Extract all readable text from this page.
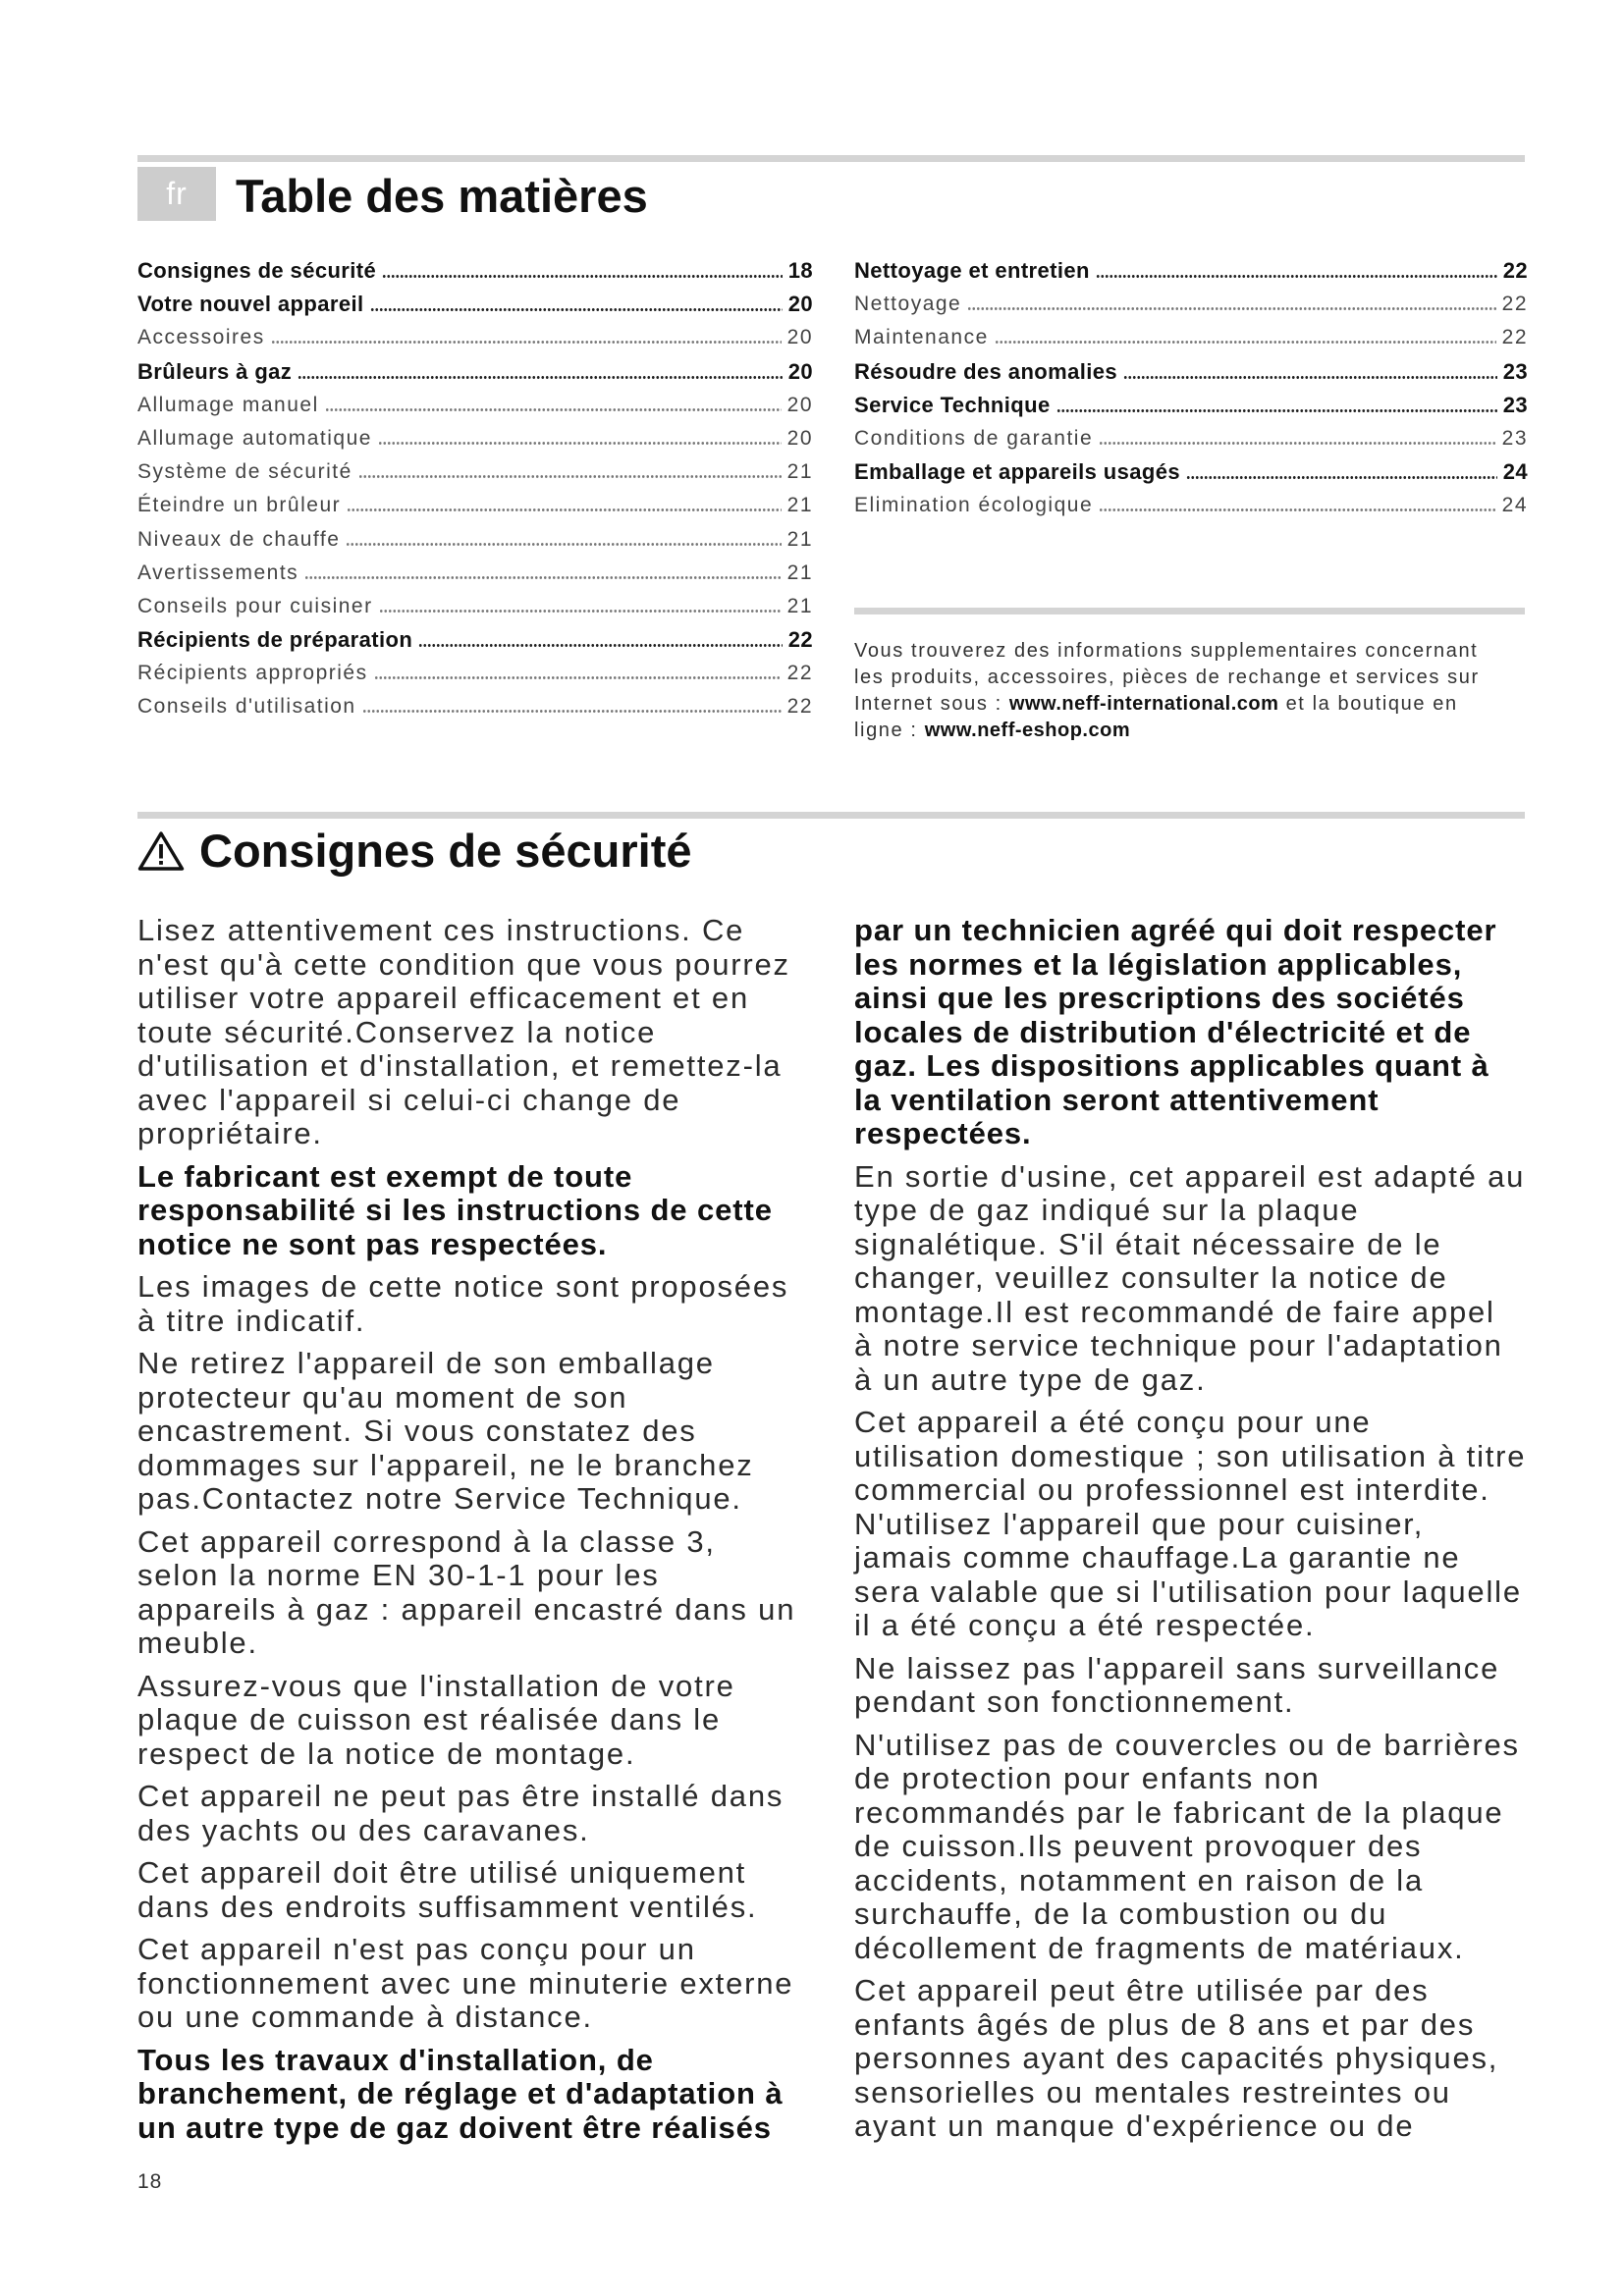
fr	Table des matières
Consignes de sécurité	18
Votre nouvel appareil	20
Accessoires	20
Brûleurs à gaz	20
Allumage manuel	20
Allumage automatique	20
Système de sécurité	21
Éteindre un brûleur	21
Niveaux de chauffe	21
Avertissements	21
Conseils pour cuisiner	21
Récipients de préparation	22
Récipients appropriés	22
Conseils d'utilisation	22
Nettoyage et entretien	22
Nettoyage	22
Maintenance	22
Résoudre des anomalies	23
Service Technique	23
Conditions de garantie	23
Emballage et appareils usagés	24
Elimination écologique	24
Vous trouverez des informations supplementaires concernant
les produits, accessoires, pièces de rechange et services sur
Internet sous : www.neff-international.com et la boutique en
ligne : www.neff-eshop.com
Consignes de sécurité

Lisez attentivement ces instructions. Ce
n'est qu'à cette condition que vous pourrez
utiliser votre appareil efficacement et en
toute sécurité.Conservez la notice
d'utilisation et d'installation, et remettez-la
avec l'appareil si celui-ci change de
propriétaire.

Le fabricant est exempt de toute
responsabilité si les instructions de cette
notice ne sont pas respectées.

Les images de cette notice sont proposées
à titre indicatif.

Ne retirez l'appareil de son emballage
protecteur qu'au moment de son
encastrement. Si vous constatez des
dommages sur l'appareil, ne le branchez
pas.Contactez notre Service Technique.

Cet appareil correspond à la classe 3,
selon la norme EN 30-1-1 pour les
appareils à gaz : appareil encastré dans un
meuble.

Assurez-vous que l'installation de votre
plaque de cuisson est réalisée dans le
respect de la notice de montage.

Cet appareil ne peut pas être installé dans
des yachts ou des caravanes.

Cet appareil doit être utilisé uniquement
dans des endroits suffisamment ventilés.

Cet appareil n'est pas conçu pour un
fonctionnement avec une minuterie externe
ou une commande à distance.

Tous les travaux d'installation, de
branchement, de réglage et d'adaptation à
un autre type de gaz doivent être réalisés

par un technicien agréé qui doit respecter
les normes et la législation applicables,
ainsi que les prescriptions des sociétés
locales de distribution d'électricité et de
gaz. Les dispositions applicables quant à
la ventilation seront attentivement
respectées.

En sortie d'usine, cet appareil est adapté au
type de gaz indiqué sur la plaque
signalétique. S'il était nécessaire de le
changer, veuillez consulter la notice de
montage.Il est recommandé de faire appel
à notre service technique pour l'adaptation
à un autre type de gaz.

Cet appareil a été conçu pour une
utilisation domestique ; son utilisation à titre
commercial ou professionnel est interdite.
N'utilisez l'appareil que pour cuisiner,
jamais comme chauffage.La garantie ne
sera valable que si l'utilisation pour laquelle
il a été conçu a été respectée.

Ne laissez pas l'appareil sans surveillance
pendant son fonctionnement.

N'utilisez pas de couvercles ou de barrières
de protection pour enfants non
recommandés par le fabricant de la plaque
de cuisson.Ils peuvent provoquer des
accidents, notamment en raison de la
surchauffe, de la combustion ou du
décollement de fragments de matériaux.

Cet appareil peut être utilisée par des
enfants âgés de plus de 8 ans et par des
personnes ayant des capacités physiques,
sensorielles ou mentales restreintes ou
ayant un manque d'expérience ou de

18
